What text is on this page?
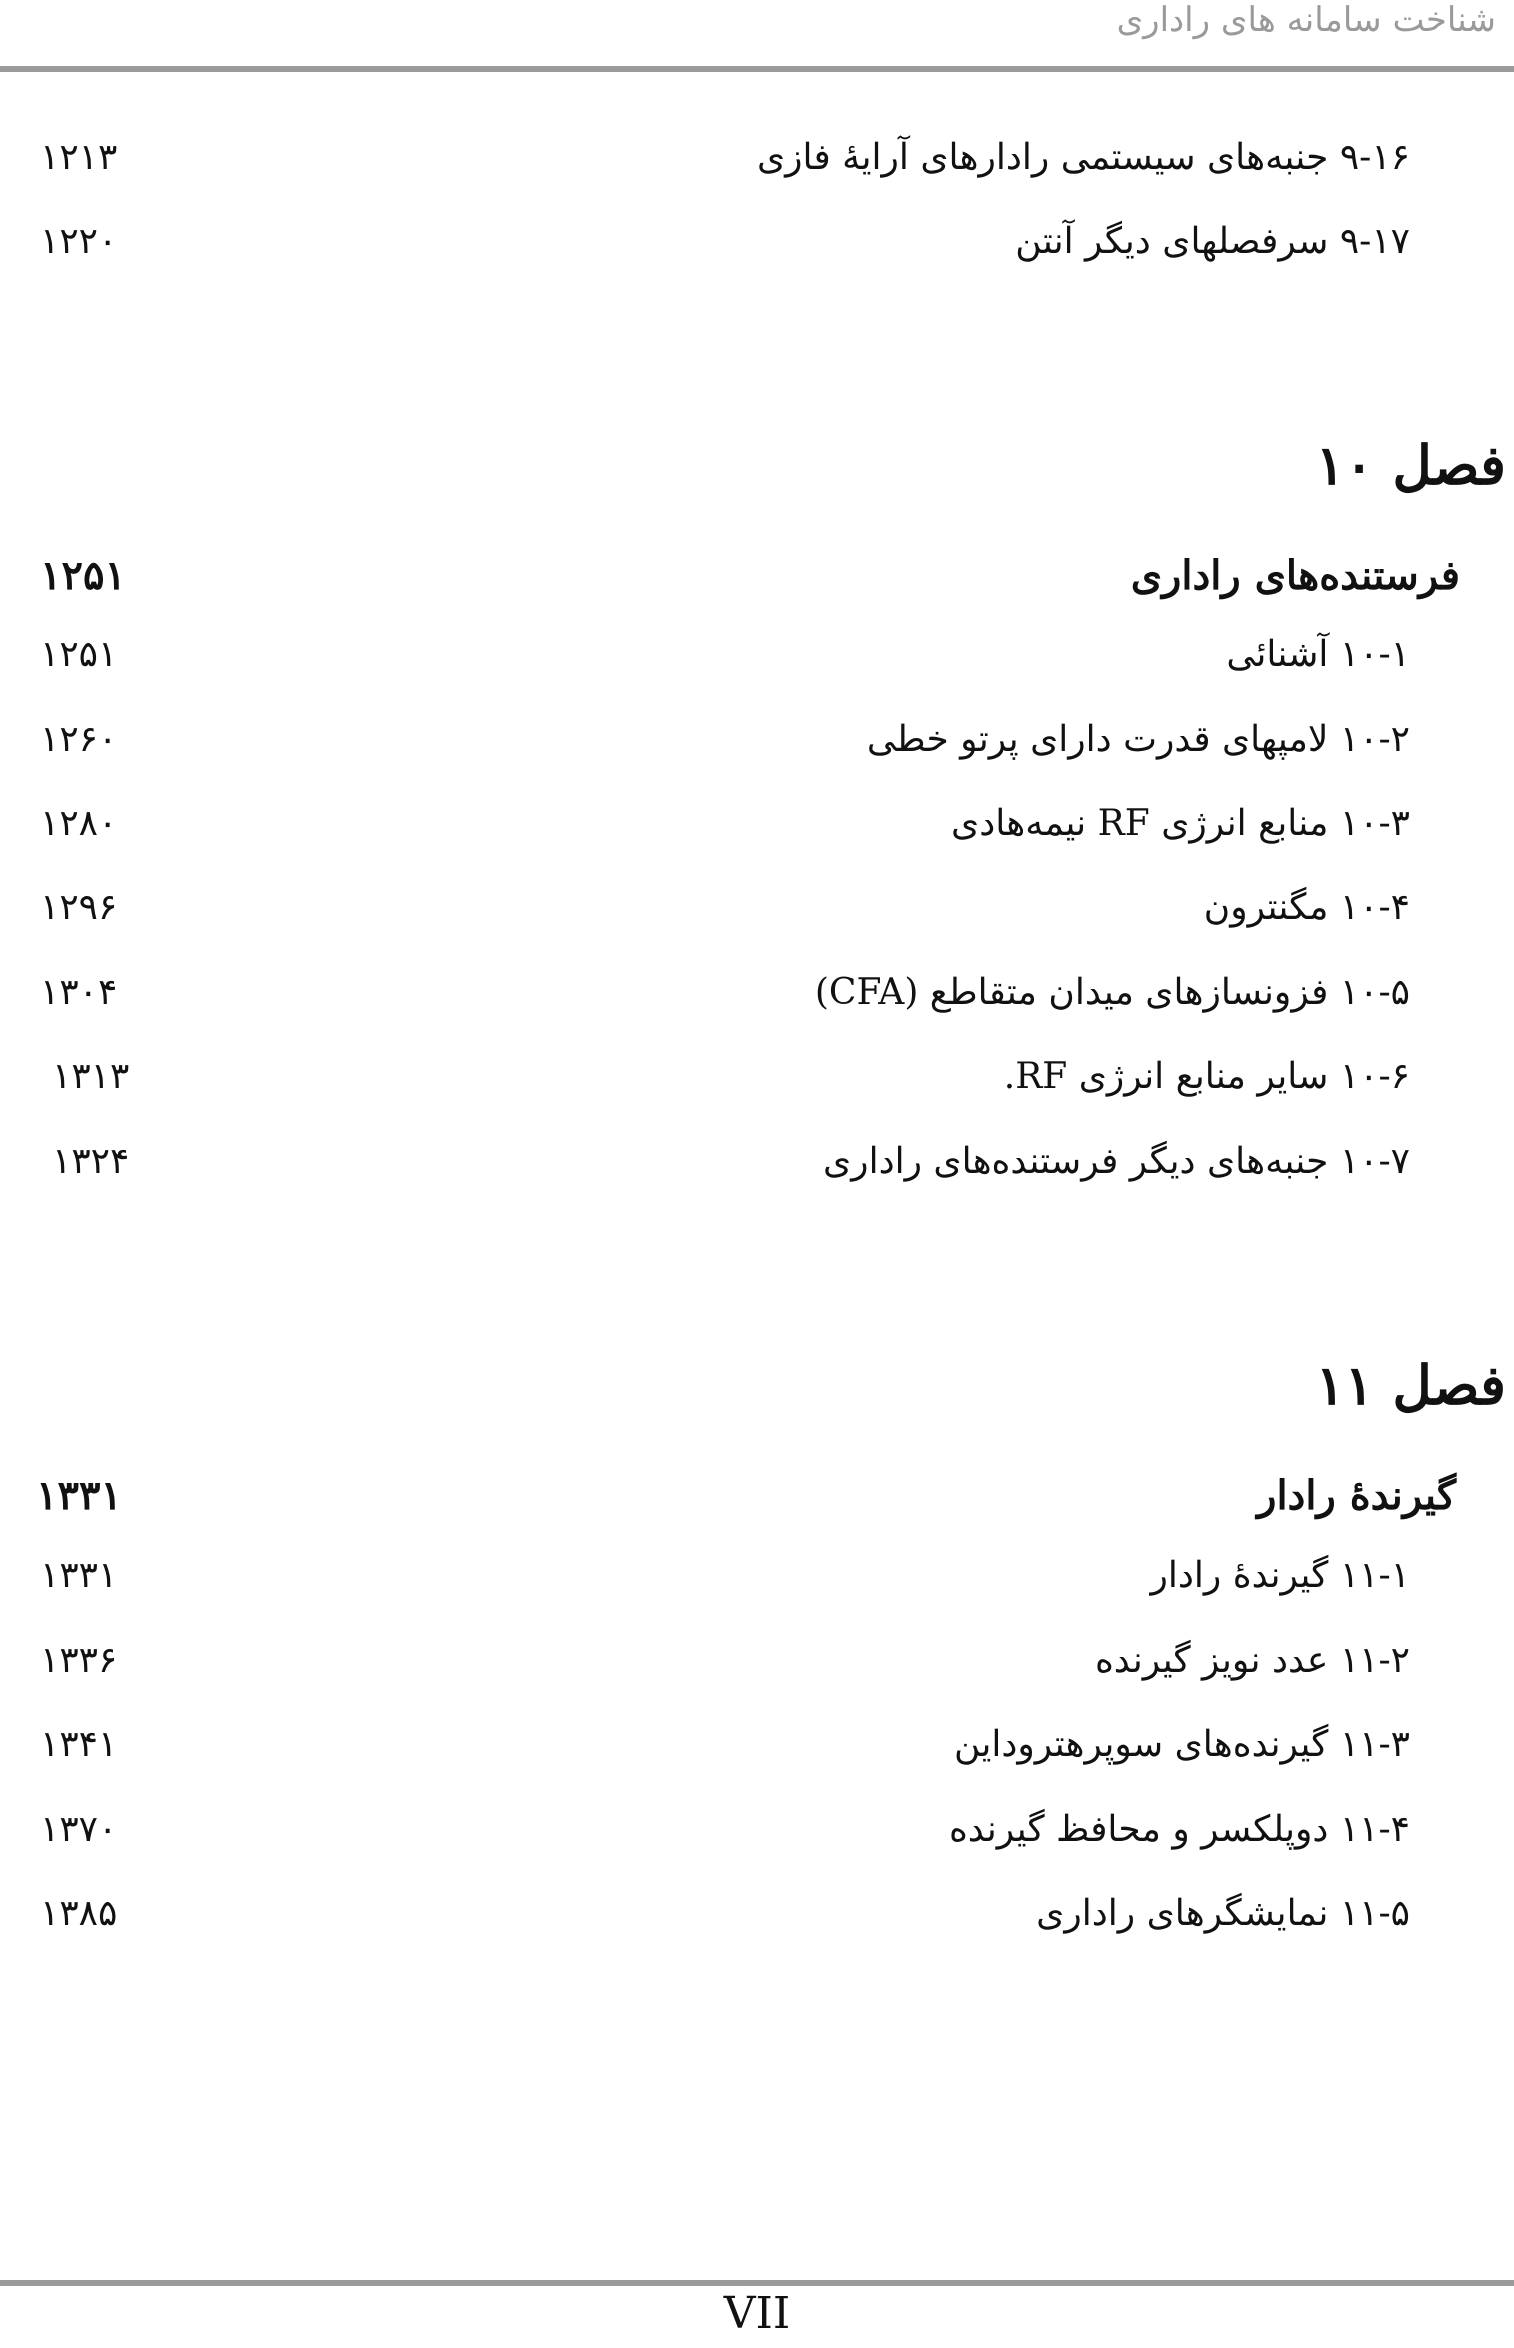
شناخت سامانه های راداری
۹-۱۶ جنبه‌های سیستمی رادارهای آرایهٔ فازی
۱۲۱۳
۹-۱۷ سرفصلهای دیگر آنتن
۱۲۲۰
فصل ۱۰
فرستنده‌های راداری
۱۲۵۱
۱۰-۱ آشنائی
۱۲۵۱
۱۰-۲ لامپهای قدرت دارای پرتو خطی
۱۲۶۰
۱۰-۳ منابع انرژی RF نیمه‌هادی
۱۲۸۰
۱۰-۴ مگنترون
۱۲۹۶
۱۰-۵ فزونسازهای میدان متقاطع (CFA)
۱۳۰۴
۱۰-۶ سایر منابع انرژی RF.
۱۳۱۳
۱۰-۷ جنبه‌های دیگر فرستنده‌های راداری
۱۳۲۴
فصل ۱۱
گیرندهٔ رادار
۱۳۳۱
۱۱-۱ گیرندهٔ رادار
۱۳۳۱
۱۱-۲ عدد نویز گیرنده
۱۳۳۶
۱۱-۳ گیرنده‌های سوپرهتروداین
۱۳۴۱
۱۱-۴ دوپلکسر و محافظ گیرنده
۱۳۷۰
۱۱-۵ نمایشگرهای راداری
۱۳۸۵
VII
